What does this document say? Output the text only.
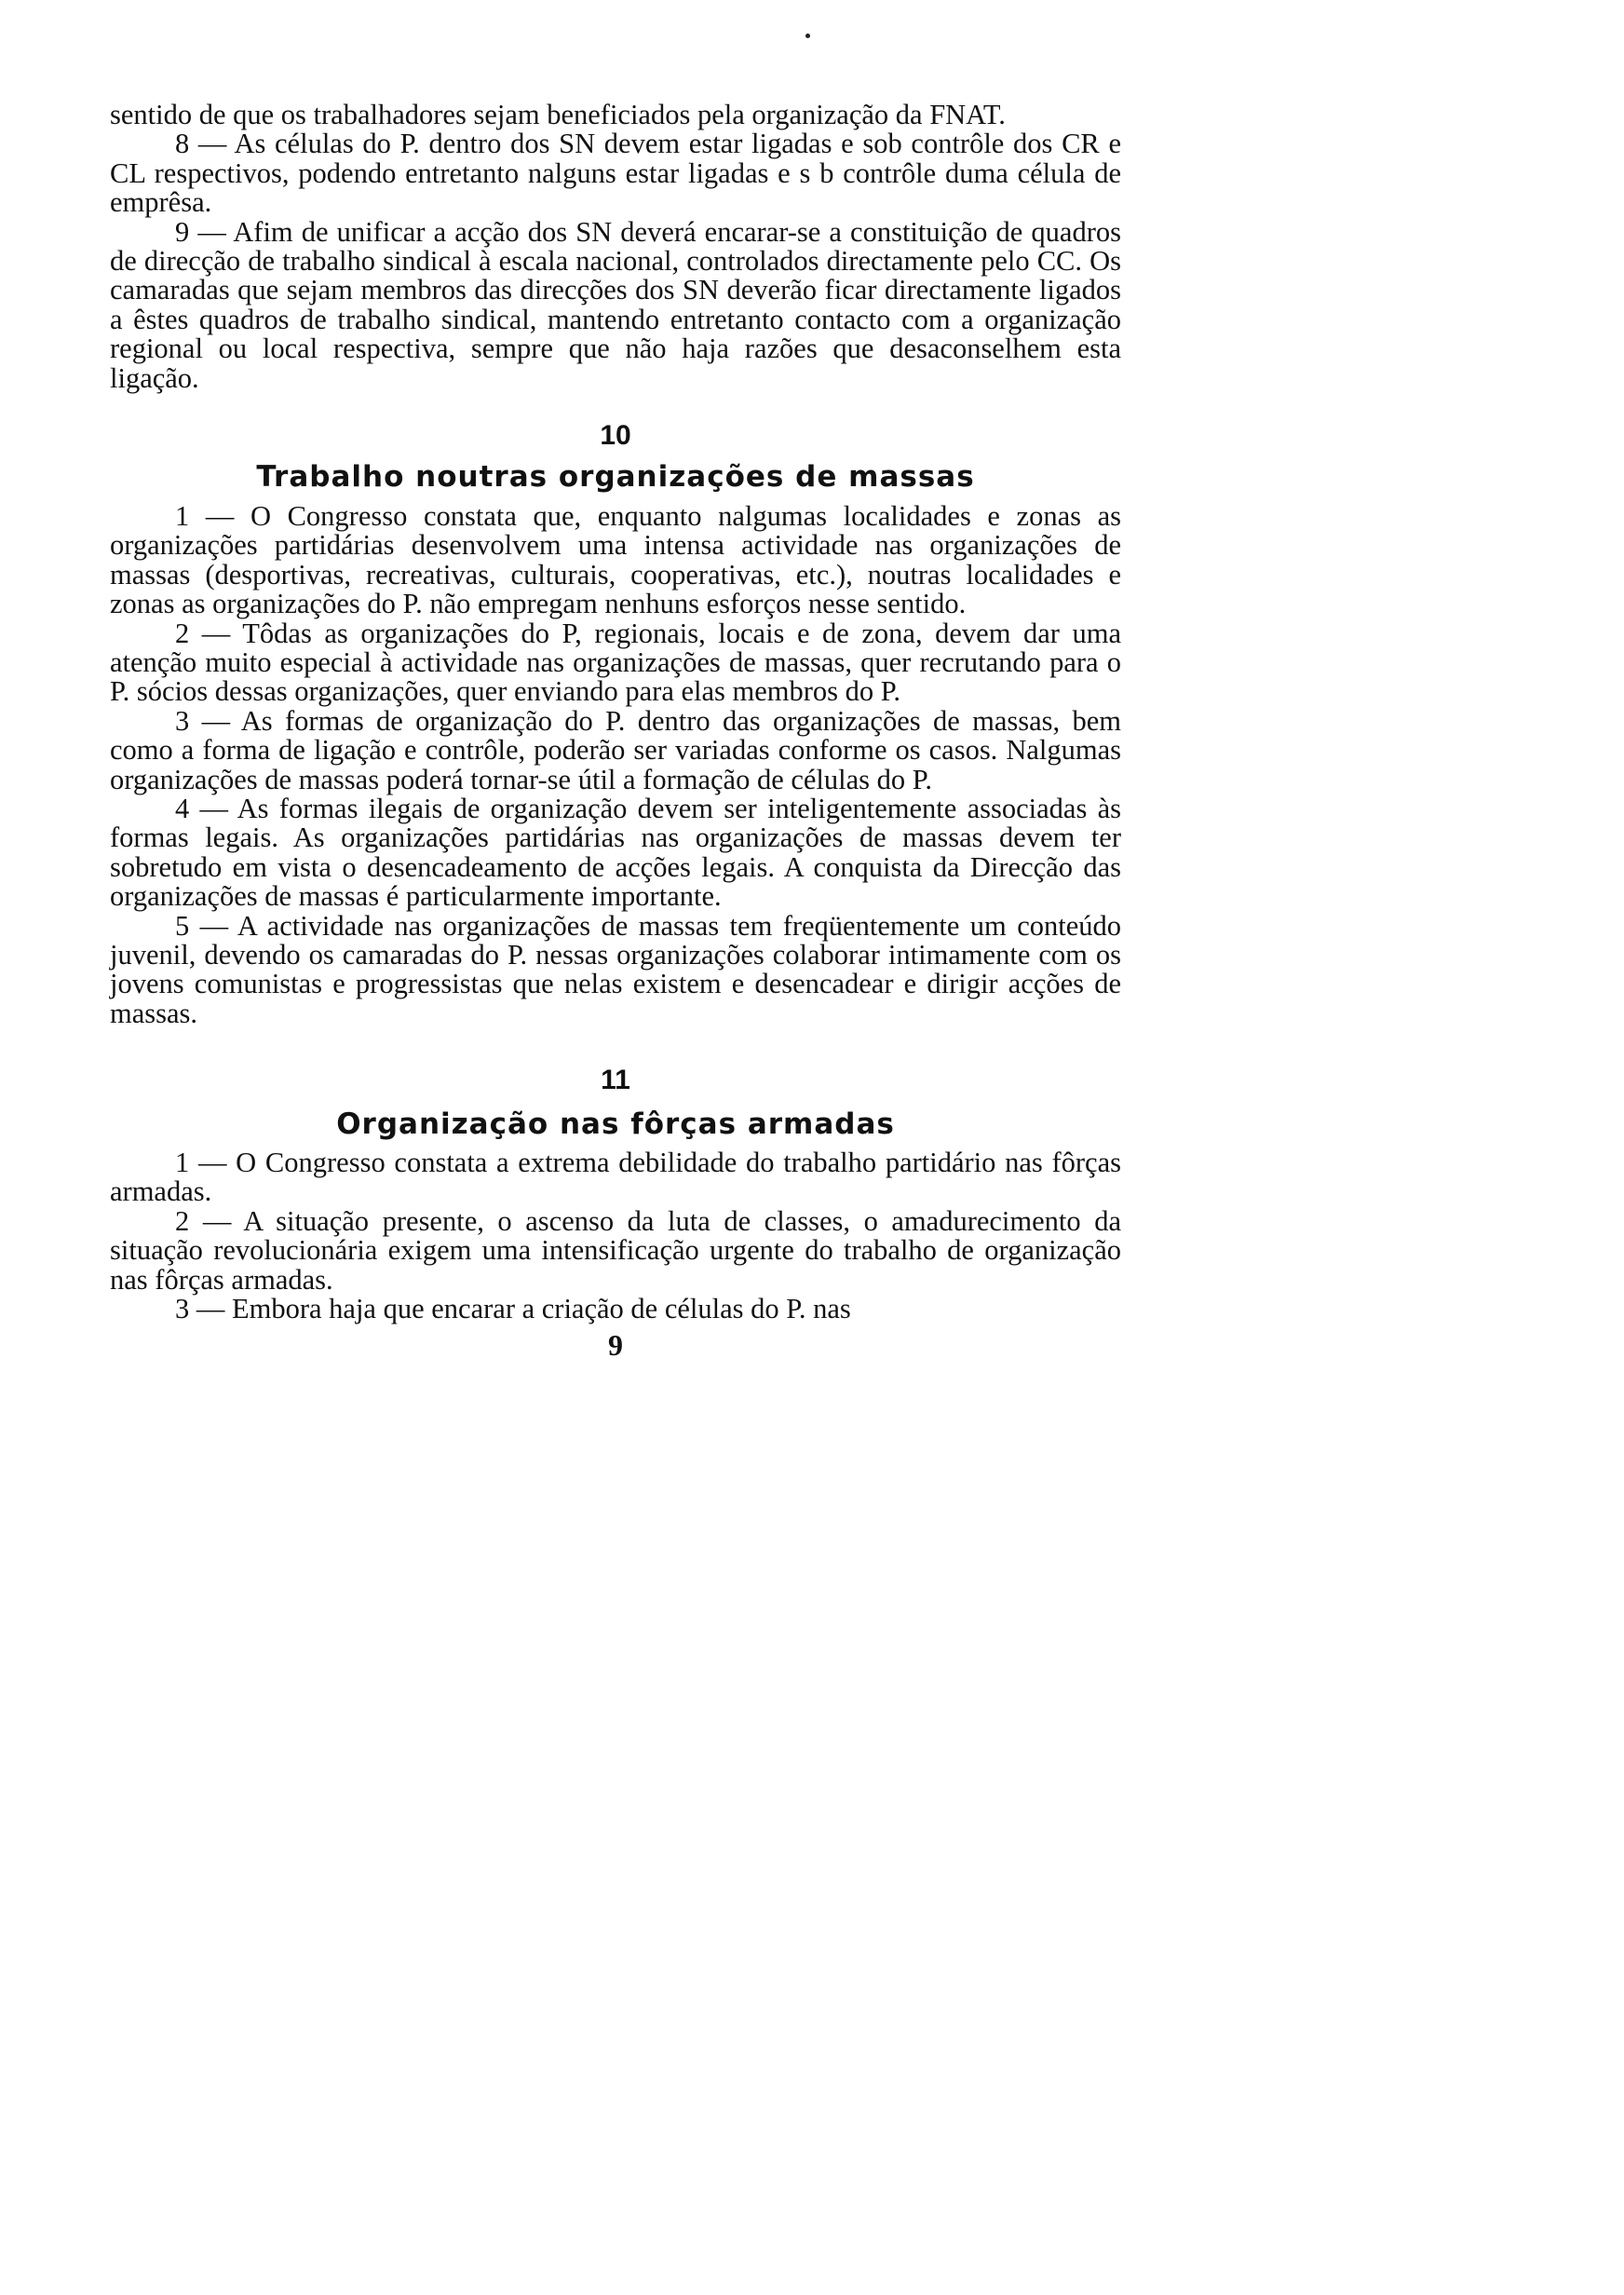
sentido de que os trabalhadores sejam beneficiados pela organização da FNAT.

8 — As células do P. dentro dos SN devem estar ligadas e sob contrôle dos CR e CL respectivos, podendo entretanto nalguns estar ligadas e s b contrôle duma célula de emprêsa.

9 — Afim de unificar a acção dos SN deverá encarar-se a constituição de quadros de direcção de trabalho sindical à escala nacional, controlados directamente pelo CC. Os camaradas que sejam membros das direcções dos SN deverão ficar directamente ligados a êstes quadros de trabalho sindical, mantendo entretanto contacto com a organização regional ou local respectiva, sempre que não haja razões que desaconselhem esta ligação.

10

Trabalho noutras organizações de massas

1 — O Congresso constata que, enquanto nalgumas localidades e zonas as organizações partidárias desenvolvem uma intensa actividade nas organizações de massas (desportivas, recreativas, culturais, cooperativas, etc.), noutras localidades e zonas as organizações do P. não empregam nenhuns esforços nesse sentido.

2 — Tôdas as organizações do P, regionais, locais e de zona, devem dar uma atenção muito especial à actividade nas organizações de massas, quer recrutando para o P. sócios dessas organizações, quer enviando para elas membros do P.

3 — As formas de organização do P. dentro das organizações de massas, bem como a forma de ligação e contrôle, poderão ser variadas conforme os casos. Nalgumas organizações de massas poderá tornar-se útil a formação de células do P.

4 — As formas ilegais de organização devem ser inteligentemente associadas às formas legais. As organizações partidárias nas organizações de massas devem ter sobretudo em vista o desencadeamento de acções legais. A conquista da Direcção das organizações de massas é particularmente importante.

5 — A actividade nas organizações de massas tem freqüentemente um conteúdo juvenil, devendo os camaradas do P. nessas organizações colaborar intimamente com os jovens comunistas e progressistas que nelas existem e desencadear e dirigir acções de massas.

11

Organização nas fôrças armadas

1 — O Congresso constata a extrema debilidade do trabalho partidário nas fôrças armadas.

2 — A situação presente, o ascenso da luta de classes, o amadurecimento da situação revolucionária exigem uma intensificação urgente do trabalho de organização nas fôrças armadas.

3 — Embora haja que encarar a criação de células do P. nas

9
